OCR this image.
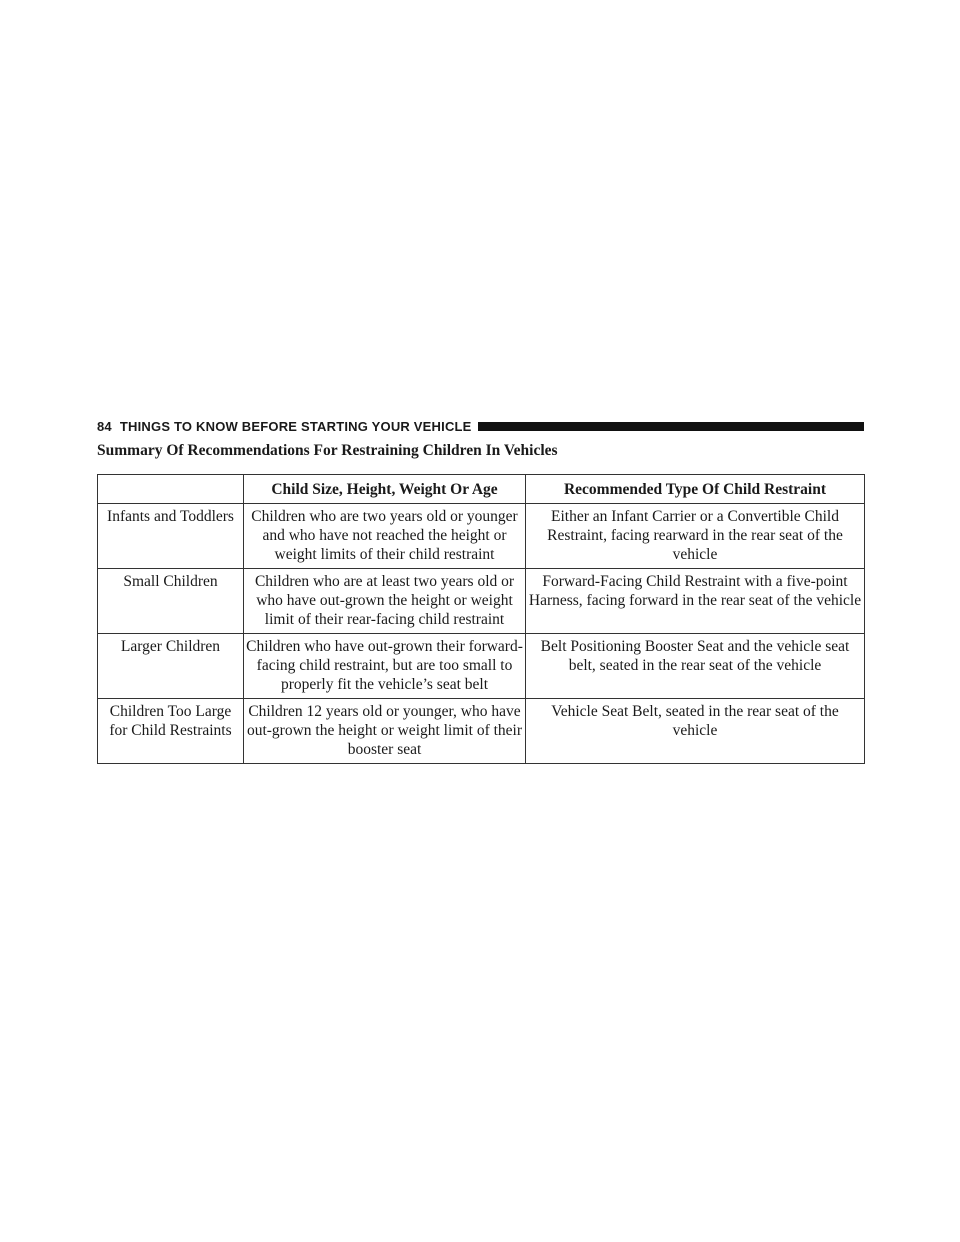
84 THINGS TO KNOW BEFORE STARTING YOUR VEHICLE
Summary Of Recommendations For Restraining Children In Vehicles
	Child Size, Height, Weight Or Age	Recommended Type Of Child Restraint
Infants and Toddlers	Children who are two years old or younger and who have not reached the height or weight limits of their child restraint	Either an Infant Carrier or a Convertible Child Restraint, facing rearward in the rear seat of the vehicle
Small Children	Children who are at least two years old or who have out-grown the height or weight limit of their rear-facing child restraint	Forward-Facing Child Restraint with a five-point Harness, facing forward in the rear seat of the vehicle
Larger Children	Children who have out-grown their forward-facing child restraint, but are too small to properly fit the vehicle’s seat belt	Belt Positioning Booster Seat and the vehicle seat belt, seated in the rear seat of the vehicle
Children Too Large for Child Restraints	Children 12 years old or younger, who have out-grown the height or weight limit of their booster seat	Vehicle Seat Belt, seated in the rear seat of the vehicle
